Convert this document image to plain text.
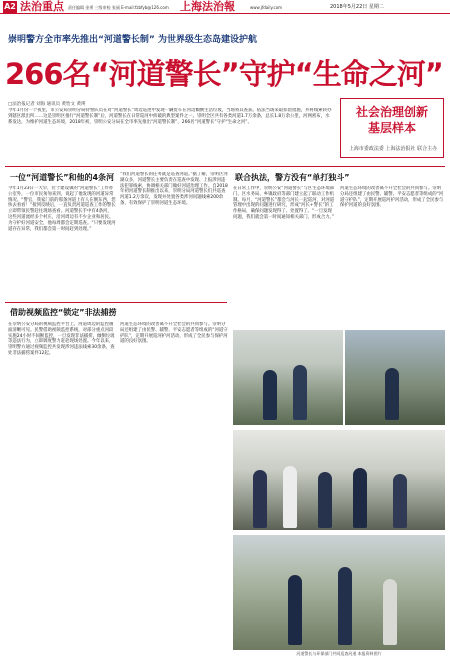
A2 法治重点 责任编辑 金勇 三级审校 张丽 E-mail:fzbfyb@126.com	上海法治報	www.jfdaily.com	2018年5月22日 星期二
崇明警方全市率先推出“河道警长制” 为世界级生态岛建设护航
266名“河道警长”守护“生命之河”
□法治报记者 刘海 通讯员 黄怡文 黄瑛
今年1月份一个夜里，市公安局崇明分局特警队员在对“河道警长”周边巡逻中发现一辆货车在河边倾倒生活垃圾，当场将其查获。依法当场采取扣留措施，并将线索转办到辖区派出所……这是崇明区推行“河道警长制”后，河道警长在日常巡河中侦破的典型案件之一。崇明全区共有各类河道1.7万余条，总长1.8万余公里，河网密布，水系发达，为维护河道生态环境，2018年初，崇明公安分局在全市率先推出“河道警长制”，266名“河道警长”守护“生命之河”。
社会治理创新
基层样本
上海市委政法委 上海法治报社 联合主办
一位“河道警长”和他的4条河
今年1月23日一大早，位于建设镇的“河道警长”工作办公室外，一位市民匆匆来到，说起了他发现的河道异常情况。“警官，我家门前的那条河道上有人在倒东西，您快去看看！”接到反映后，一直负责河道巡查工作的警长立即带领民警赶往现场查看。河道警长手中有4条河，这些河道流经多个村庄，沿河周边有不少企业和居民。为守护好河道安全，他每周都会定期巡查。“只要发现河道存在异常，我们都会第一时间赶到处理。”
“我们河道警长的任务就是巡查河道。”据了解，崇明区河湖众多，河道警长主要负责在巡查中发现、上报涉河违法犯罪线索，协调相关部门做好河道治理工作。自2018年初河道警长制推出以来，崇明分局河道警长们共巡查河道1.2万余次，发现并处置各类涉河问题线索200余条，有效保护了崇明河道生态环境。
借助视频监控“锁定”非法捕捞
在崇明公安分局的视频监控平台上，河道周边的监控画面清晰可见。民警借助视频监控系统，对部分重点河段实施24小时不间断监控，一旦发现非法捕捞、倾倒垃圾等违法行为，立即调度警力赶赴现场处置。今年以来，崇明警方通过视频监控共发现涉河违法线索30余条，查处非法捕捞案件12起。
河道生态环境的改善离不开全社会的共同参与。崇明分局还组建了由民警、辅警、平安志愿者等组成的“河道守护队”，定期开展巡河护河活动，形成了全民参与保护河道的良好氛围。
联合执法，警方没有“单打独斗”
在日常工作中，崇明公安“河道警长”与区生态环境部门、区水务局、乡镇政府等部门建立起了联动工作机制。每月，“河道警长”都会与河长一起巡河，对河道管理中出现的问题进行研究，形成“河长+警长”的工作格局，确保问题发现得了、处置得了。“一旦发现问题，我们就会第一时间通知相关部门，形成合力。”
河道生态环境的改善离不开全社会的共同参与。崇明分局还组建了由民警、辅警、平安志愿者等组成的“河道守护队”，定期开展巡河护河活动，形成了全民参与保护河道的良好氛围。
河道警长与环保部门共同巡查河道 本报资料图片
